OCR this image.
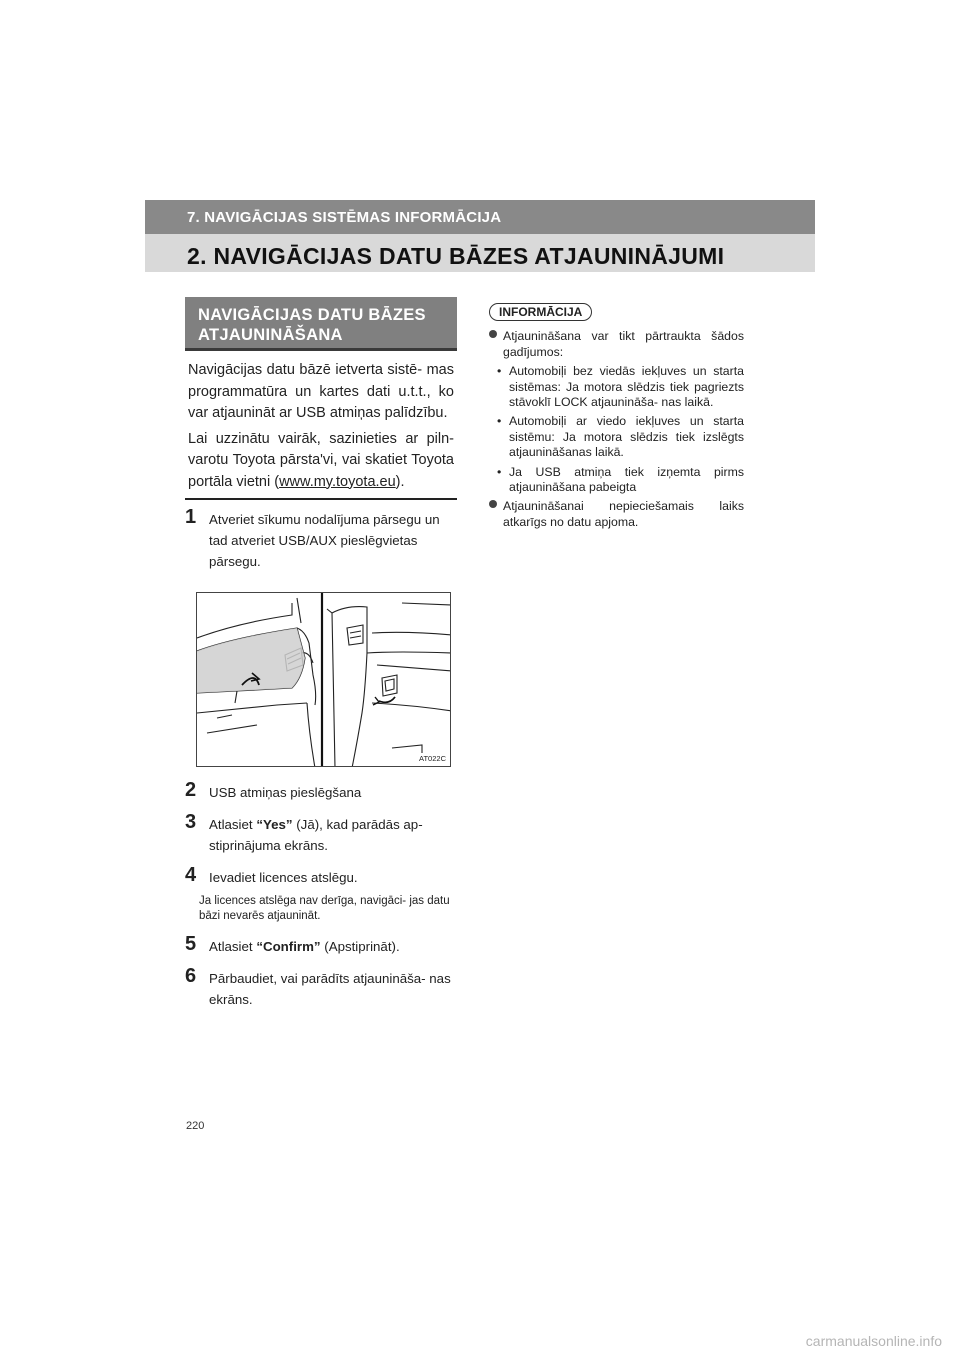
7. NAVIGĀCIJAS SISTĒMAS INFORMĀCIJA
2. NAVIGĀCIJAS DATU BĀZES ATJAUNINĀJUMI
NAVIGĀCIJAS DATU BĀZES
ATJAUNINĀŠANA

Navigācijas datu bāzē ietverta sistē- mas programmatūra un kartes dati u.t.t., ko var atjaunināt ar USB atmiņas palīdzību.

Lai uzzinātu vairāk, sazinieties ar piln- varotu Toyota pārsta'vi, vai skatiet Toyota portāla vietni (www.my.toyota.eu).

1 Atveriet sīkumu nodalījuma pārsegu un tad atveriet USB/AUX pieslēgvietas pārsegu.
2 USB atmiņas pieslēgšana
3 Atlasiet “Yes” (Jā), kad parādās ap- stiprinājuma ekrāns.
4 Ievadiet licences atslēgu.
Ja licences atslēga nav derīga, navigāci- jas datu bāzi nevarēs atjaunināt.
5 Atlasiet “Confirm” (Apstiprināt).
6 Pārbaudiet, vai parādīts atjaunināša- nas ekrāns.
AT022C
INFORMĀCIJA
Atjaunināšana var tikt pārtraukta šādos gadījumos:
• Automobiļi bez viedās iekļuves un starta sistēmas: Ja motora slēdzis tiek pagriezts stāvoklī LOCK atjaunināša- nas laikā.
• Automobiļi ar viedo iekļuves un starta sistēmu: Ja motora slēdzis tiek izslēgts atjaunināšanas laikā.
• Ja USB atmiņa tiek izņemta pirms atjaunināšana pabeigta
Atjaunināšanai nepieciešamais laiks atkarīgs no datu apjoma.
220
carmanualsonline.info
